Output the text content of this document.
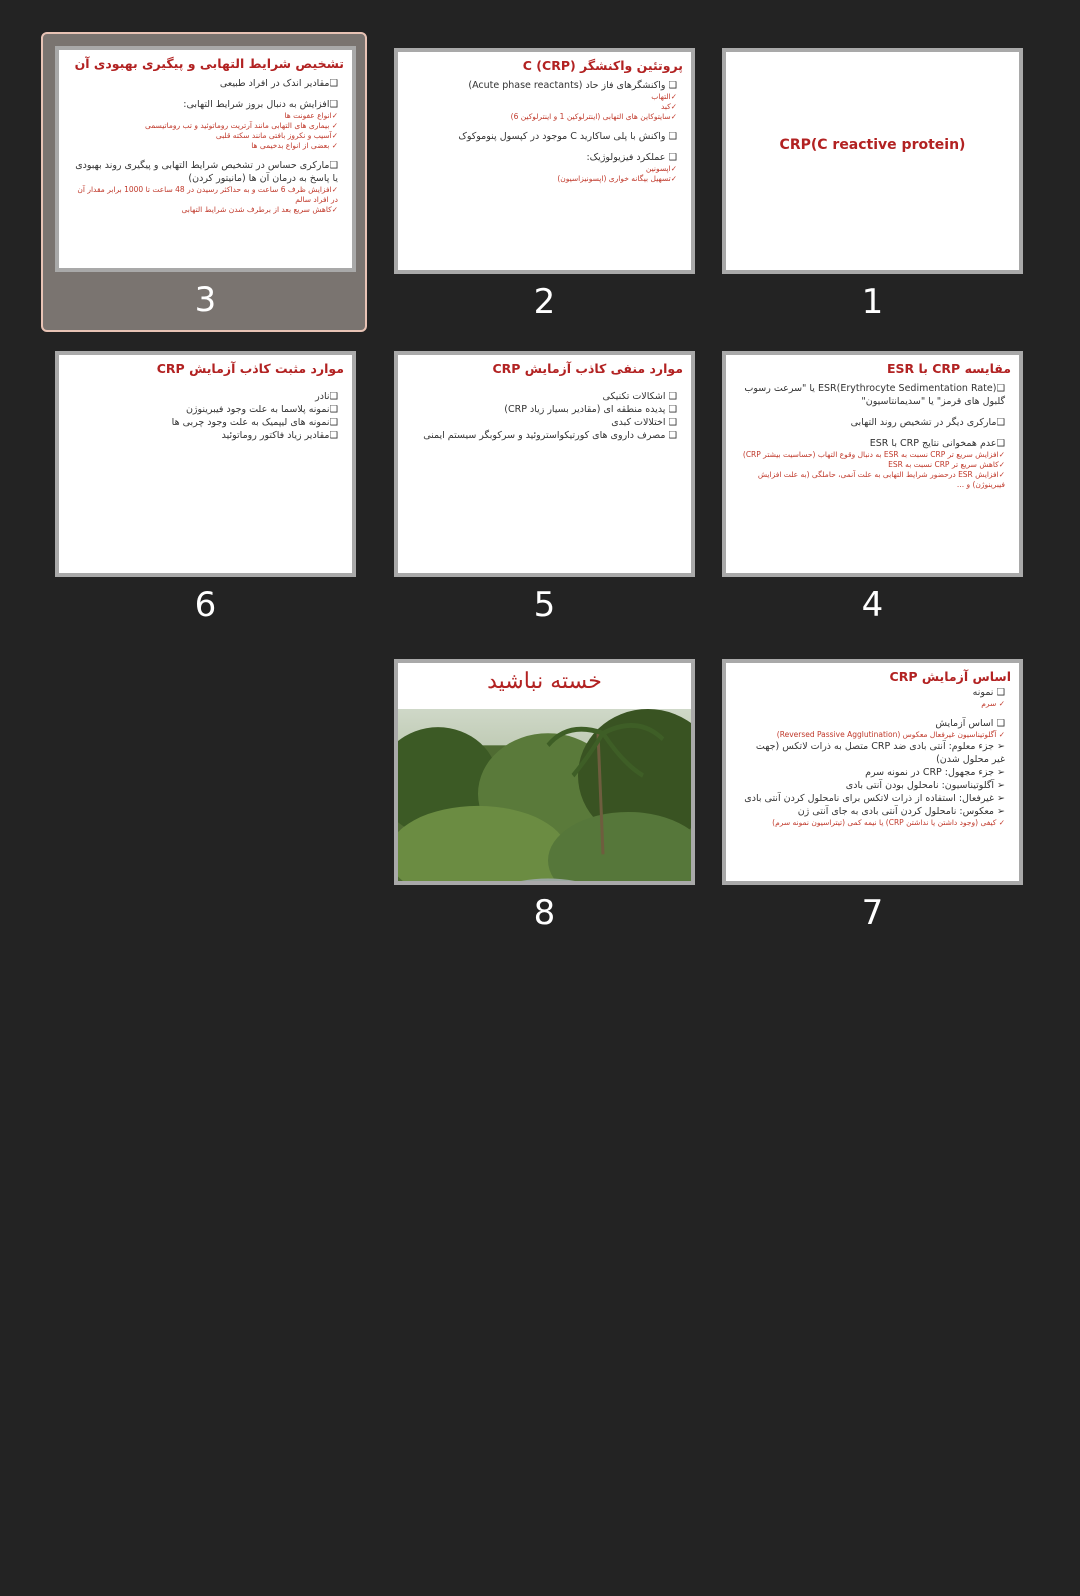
CRP(C reactive protein)
1
پروتئین واکنشگر C (CRP)
❑ واکنشگرهای فاز حاد (Acute phase reactants)
✓التهاب
✓کبد
✓سایتوکاین های التهابی (اینترلوکین 1 و اینترلوکین 6)
❑ واکنش با پلی ساکارید C موجود در کپسول پنوموکوک
❑ عملکرد فیزیولوژیک:
✓اپسونین
✓تسهیل بیگانه خواری (اپسونیزاسیون)
2
تشخیص شرایط التهابی و پیگیری بهبودی آن
❑مقادیر اندک در افراد طبیعی
❑افزایش به دنبال بروز شرایط التهابی:
✓انواع عفونت ها
✓ بیماری های التهابی مانند آرتریت روماتوئید و تب روماتیسمی
✓آسیب و نکروز بافتی مانند سکته قلبی
✓ بعضی از انواع بدخیمی ها
❑مارکری حساس در تشخیص شرایط التهابی و پیگیری روند بهبودی یا پاسخ به درمان آن ها (مانیتور کردن)
✓افزایش ظرف 6 ساعت و به حداکثر رسیدن در 48 ساعت تا 1000 برابر مقدار آن در افراد سالم
✓کاهش سریع بعد از برطرف شدن شرایط التهابی
3
مقایسه CRP با ESR
❑ESR(Erythrocyte Sedimentation Rate) یا "سرعت رسوب گلبول های قرمز" یا "سدیمانتاسیون"
❑مارکری دیگر در تشخیص روند التهابی
❑عدم همخوانی نتایج CRP با ESR
✓افزایش سریع تر CRP نسبت به ESR به دنبال وقوع التهاب (حساسیت بیشتر CRP)
✓کاهش سریع تر CRP نسبت به ESR
✓افزایش ESR درحضور شرایط التهابی به علت آنمی، حاملگی (به علت افزایش فیبرینوژن) و ...
4
موارد منفی کاذب آزمایش CRP
❑ اشکالات تکنیکی
❑ پدیده منطقه ای (مقادیر بسیار زیاد CRP)
❑ اختلالات کبدی
❑ مصرف داروی های کورتیکواستروئید و سرکوبگر سیستم ایمنی
5
موارد مثبت کاذب آزمایش CRP
❑نادر
❑نمونه پلاسما به علت وجود فیبرینوژن
❑نمونه های لیپمیک به علت وجود چربی ها
❑مقادیر زیاد فاکتور روماتوئید
6
اساس آزمایش CRP
❑ نمونه
✓ سرم
❑ اساس آزمایش
✓ آگلوتیناسیون غیرفعال معکوس (Reversed Passive Agglutination)
➢ جزء معلوم: آنتی بادی ضد CRP متصل به ذرات لاتکس (جهت غیر محلول شدن)
➢ جزء مجهول: CRP در نمونه سرم
➢ آگلوتیناسیون: نامحلول بودن آنتی بادی
➢ غیرفعال: استفاده از ذرات لاتکس برای نامحلول کردن آنتی بادی
➢ معکوس: نامحلول کردن آنتی بادی به جای آنتی ژن
✓ کیفی (وجود داشتن یا نداشتن CRP) یا نیمه کمی (تیتراسیون نمونه سرم)
7
خسته نباشید
8
